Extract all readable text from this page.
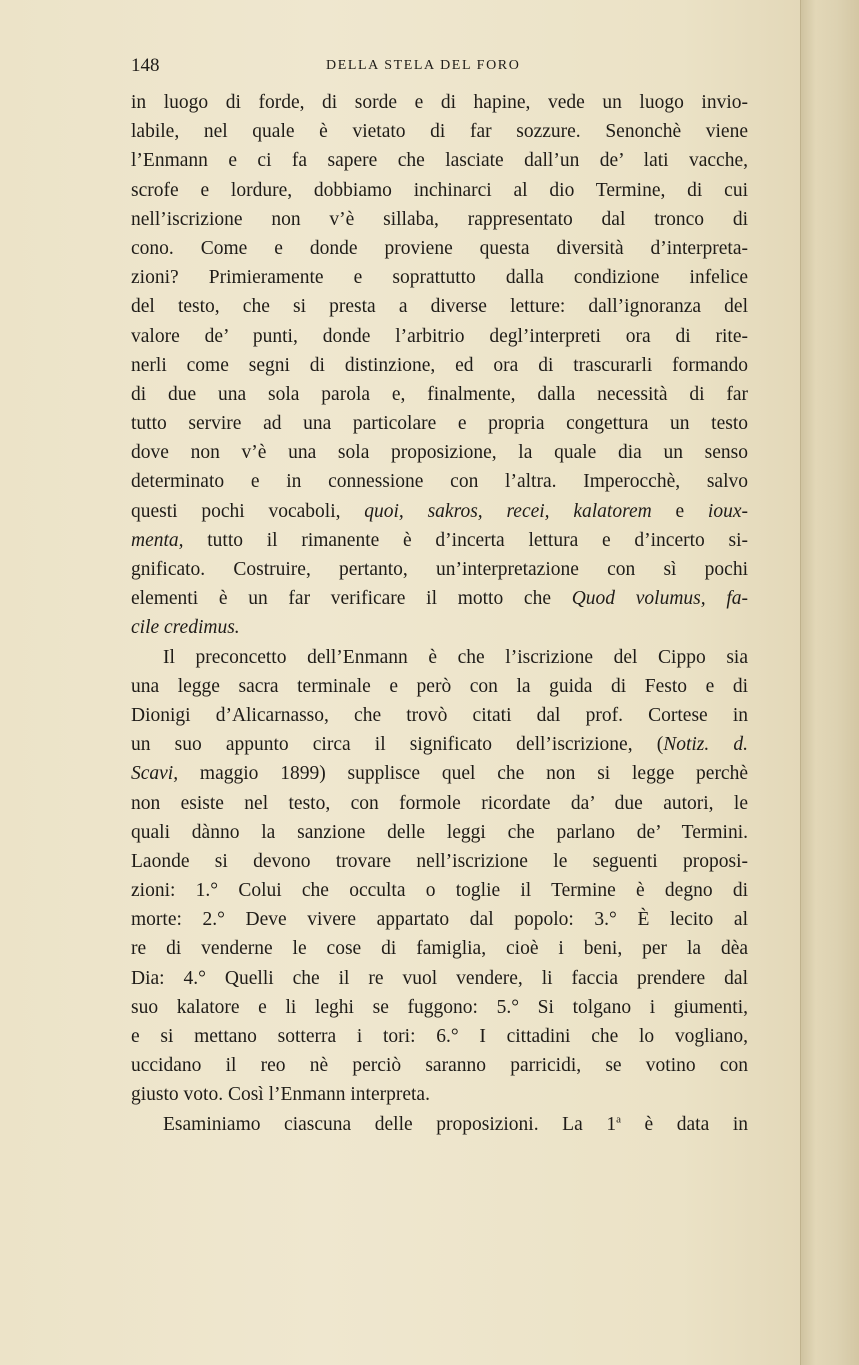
148	DELLA STELA DEL FORO
in luogo di forde, di sorde e di hapine, vede un luogo invio-
labile, nel quale è vietato di far sozzure. Senonchè viene
l’Enmann e ci fa sapere che lasciate dall’un de’ lati vacche,
scrofe e lordure, dobbiamo inchinarci al dio Termine, di cui
nell’iscrizione non v’è sillaba, rappresentato dal tronco di
cono. Come e donde proviene questa diversità d’interpreta-
zioni? Primieramente e soprattutto dalla condizione infelice
del testo, che si presta a diverse letture: dall’ignoranza del
valore de’ punti, donde l’arbitrio degl’interpreti ora di rite-
nerli come segni di distinzione, ed ora di trascurarli formando
di due una sola parola e, finalmente, dalla necessità di far
tutto servire ad una particolare e propria congettura un testo
dove non v’è una sola proposizione, la quale dia un senso
determinato e in connessione con l’altra. Imperocchè, salvo
questi pochi vocaboli, quoi, sakros, recei, kalatorem e ioux-
menta, tutto il rimanente è d’incerta lettura e d’incerto si-
gnificato. Costruire, pertanto, un’interpretazione con sì pochi
elementi è un far verificare il motto che Quod volumus, fa-
cile credimus.
Il preconcetto dell’Enmann è che l’iscrizione del Cippo sia
una legge sacra terminale e però con la guida di Festo e di
Dionigi d’Alicarnasso, che trovò citati dal prof. Cortese in
un suo appunto circa il significato dell’iscrizione, (Notiz. d.
Scavi, maggio 1899) supplisce quel che non si legge perchè
non esiste nel testo, con formole ricordate da’ due autori, le
quali dànno la sanzione delle leggi che parlano de’ Termini.
Laonde si devono trovare nell’iscrizione le seguenti proposi-
zioni: 1.° Colui che occulta o toglie il Termine è degno di
morte: 2.° Deve vivere appartato dal popolo: 3.° È lecito al
re di venderne le cose di famiglia, cioè i beni, per la dèa
Dia: 4.° Quelli che il re vuol vendere, li faccia prendere dal
suo kalatore e li leghi se fuggono: 5.° Si tolgano i giumenti,
e si mettano sotterra i tori: 6.° I cittadini che lo vogliano,
uccidano il reo nè perciò saranno parricidi, se votino con
giusto voto. Così l’Enmann interpreta.
Esaminiamo ciascuna delle proposizioni. La 1$^a$ è data in
